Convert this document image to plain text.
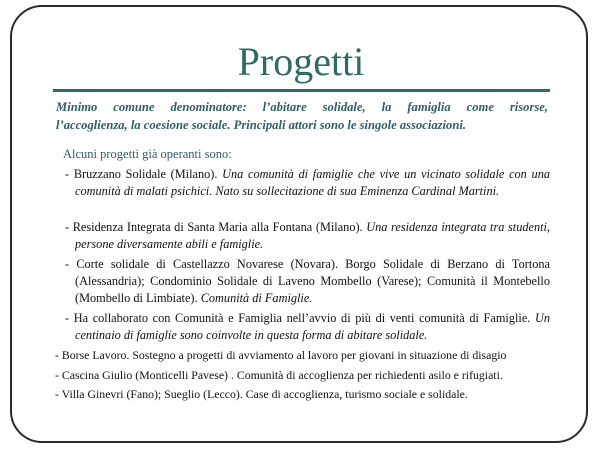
Progetti
Minimo comune denominatore: l’abitare solidale, la famiglia come risorse,
l’accoglienza, la coesione sociale. Principali attori sono le singole associazioni.
Alcuni progetti già operanti sono:
- Bruzzano Solidale (Milano). Una comunità di famiglie che vive un vicinato solidale con una comunità di malati psichici. Nato su sollecitazione di sua Eminenza Cardinal Martini.
- Residenza Integrata di Santa Maria alla Fontana (Milano). Una residenza integrata tra studenti, persone diversamente abili e famiglie.
- Corte solidale di Castellazzo Novarese (Novara). Borgo Solidale di Berzano di Tortona (Alessandria); Condominio Solidale di Laveno Mombello (Varese); Comunità il Montebello (Mombello di Limbiate). Comunità di Famiglie.
- Ha collaborato con Comunità e Famiglia nell’avvio di più di venti comunità di Famiglie. Un centinaio di famiglie sono coinvolte in questa forma di abitare solidale.
- Borse Lavoro. Sostegno a progetti di avviamento al lavoro per giovani in situazione di disagio
- Cascina Giulio (Monticelli Pavese) . Comunità di accoglienza per richiedenti asilo e rifugiati.
- Villa Ginevri (Fano); Sueglio (Lecco). Case di accoglienza, turismo sociale e solidale.
